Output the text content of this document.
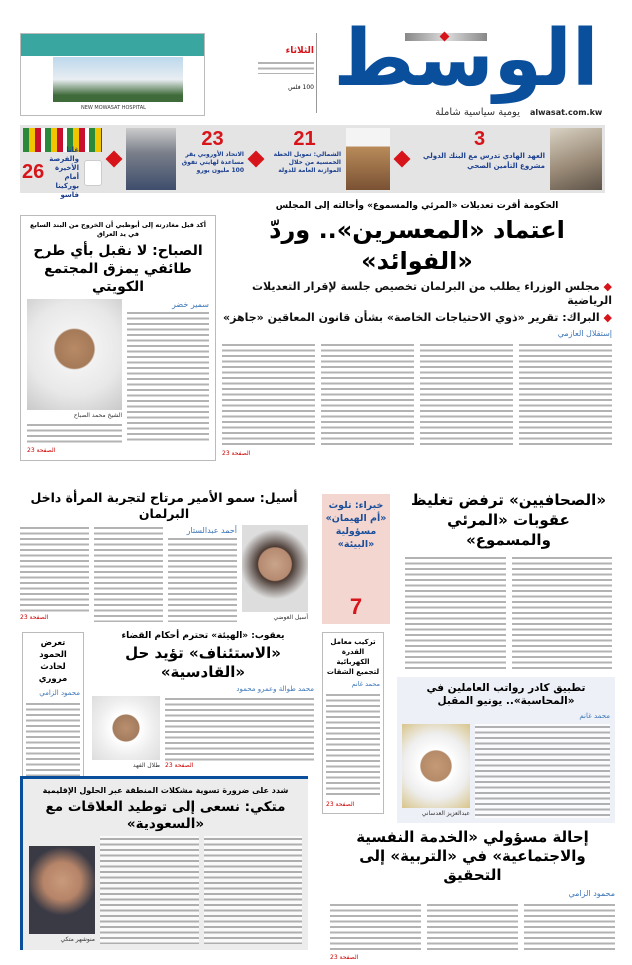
NEW MOWASAT HOSPITAL
الثلاثاء
100 فلس الوسط
يومية سياسية شاملة alwasat.com.kw
3
العهد الهادي تدرس مع البنك الدولي مشروع التأمين الصحي
21
الشمالي: تمويل الخطة الخمسية من خلال الموازنة العامة للدولة
23
الاتحاد الأوروبي يقر مساعدة لهايتي تفوق 100 مليون يورو
غانا والفرصة الأخيرة أمام بوركينا فاسو
26
الحكومة أقرت تعديلات «المرئي والمسموع» وأحالته إلى المجلس
اعتماد «المعسرين».. وردّ «الفوائد»
◆ مجلس الوزراء يطلب من البرلمان تخصيص جلسة لإقرار التعديلات الرياضية
◆ البراك: تقرير «ذوي الاحتياجات الخاصة» بشأن قانون المعاقين «جاهز»
إستقلال العازمي
الصفحة 23
أكد قبل مغادرته إلى أبوظبي أن الخروج من البند السابع في يد العراق
الصباح: لا نقبل بأي طرح طائفي يمزق المجتمع الكويتي
سمير خضر
الشيخ محمد الصباح
الصفحة 23
«الصحافيين» ترفض تغليظ عقوبات «المرئي والمسموع»
خبراء: تلوث «أم الهيمان» مسؤولية «البيئة»
7
أسيل: سمو الأمير مرتاح لتجربة المرأة داخل البرلمان
أسيل العوضي
أحمد عبدالستار
الصفحة 23
تعرض الحمود لحادث مروري
محمود الزامي
يعقوب: «الهيئة» تحترم أحكام القضاء
«الاستئناف» تؤيد حل «القادسية»
محمد طوالة وعمرو محمود
الصفحة 23
طلال الفهد
تركيب معامل القدرة الكهربائية لتجميع الشقات
محمد غانم
الصفحة 23
تطبيق كادر رواتب العاملين في «المحاسبة».. يونيو المقبل
محمد غانم
عبدالعزيز العدساني
شدد على ضرورة تسوية مشكلات المنطقة عبر الحلول الإقليمية
متكي: نسعى إلى توطيد العلاقات مع «السعودية»
منوشهر متكي
إحالة مسؤولي «الخدمة النفسية والاجتماعية» في «التربية» إلى التحقيق
محمود الزامي
الصفحة 23
